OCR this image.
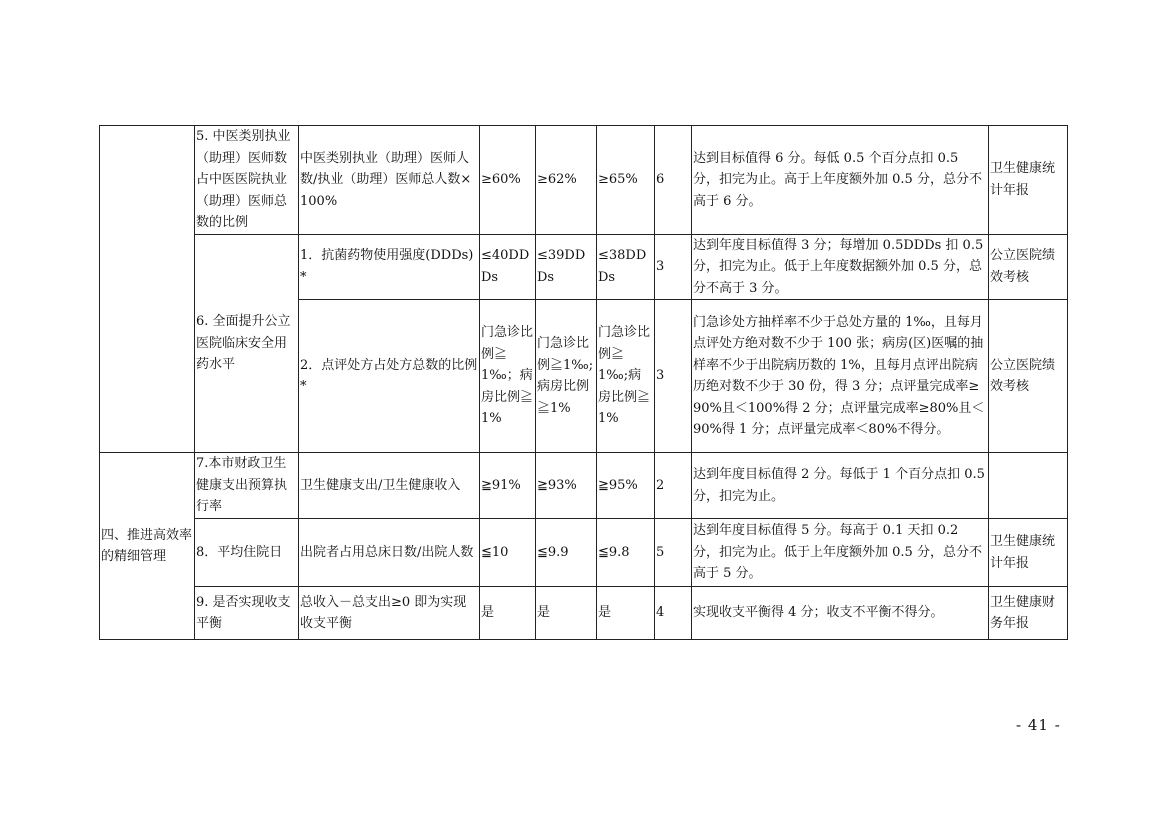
	5. 中医类别执业（助理）医师数占中医医院执业（助理）医师总数的比例	中医类别执业（助理）医师人数/执业（助理）医师总人数×100%	≥60%	≥62%	≥65%	6	达到目标值得 6 分。每低 0.5 个百分点扣 0.5 分，扣完为止。高于上年度额外加 0.5 分，总分不高于 6 分。	卫生健康统计年报
	6. 全面提升公立医院临床安全用药水平	1．抗菌药物使用强度(DDDs)*	≤40DDDs	≤39DDDs	≤38DDDs	3	达到年度目标值得 3 分；每增加 0.5DDDs 扣 0.5 分，扣完为止。低于上年度数据额外加 0.5 分，总分不高于 3 分。	公立医院绩效考核
		2．点评处方占处方总数的比例*	门急诊比例≧1‰；病房比例≧1%	门急诊比例≧1‰;病房比例≧1%	门急诊比例≧1‰;病房比例≧1%	3	门急诊处方抽样率不少于总处方量的 1‰，且每月点评处方绝对数不少于 100 张；病房(区)医嘱的抽样率不少于出院病历数的 1%，且每月点评出院病历绝对数不少于 30 份，得 3 分；点评量完成率≥90%且＜100%得 2 分；点评量完成率≥80%且＜90%得 1 分；点评量完成率＜80%不得分。	公立医院绩效考核
四、推进高效率的精细管理	7.本市财政卫生健康支出预算执行率	卫生健康支出/卫生健康收入	≧91%	≧93%	≧95%	2	达到年度目标值得 2 分。每低于 1 个百分点扣 0.5 分，扣完为止。	
	8．平均住院日	出院者占用总床日数/出院人数	≦10	≦9.9	≦9.8	5	达到年度目标值得 5 分。每高于 0.1 天扣 0.2 分，扣完为止。低于上年度额外加 0.5 分，总分不高于 5 分。	卫生健康统计年报
	9. 是否实现收支平衡	总收入－总支出≥0 即为实现收支平衡	是	是	是	4	实现收支平衡得 4 分；收支不平衡不得分。	卫生健康财务年报
- 41 -
